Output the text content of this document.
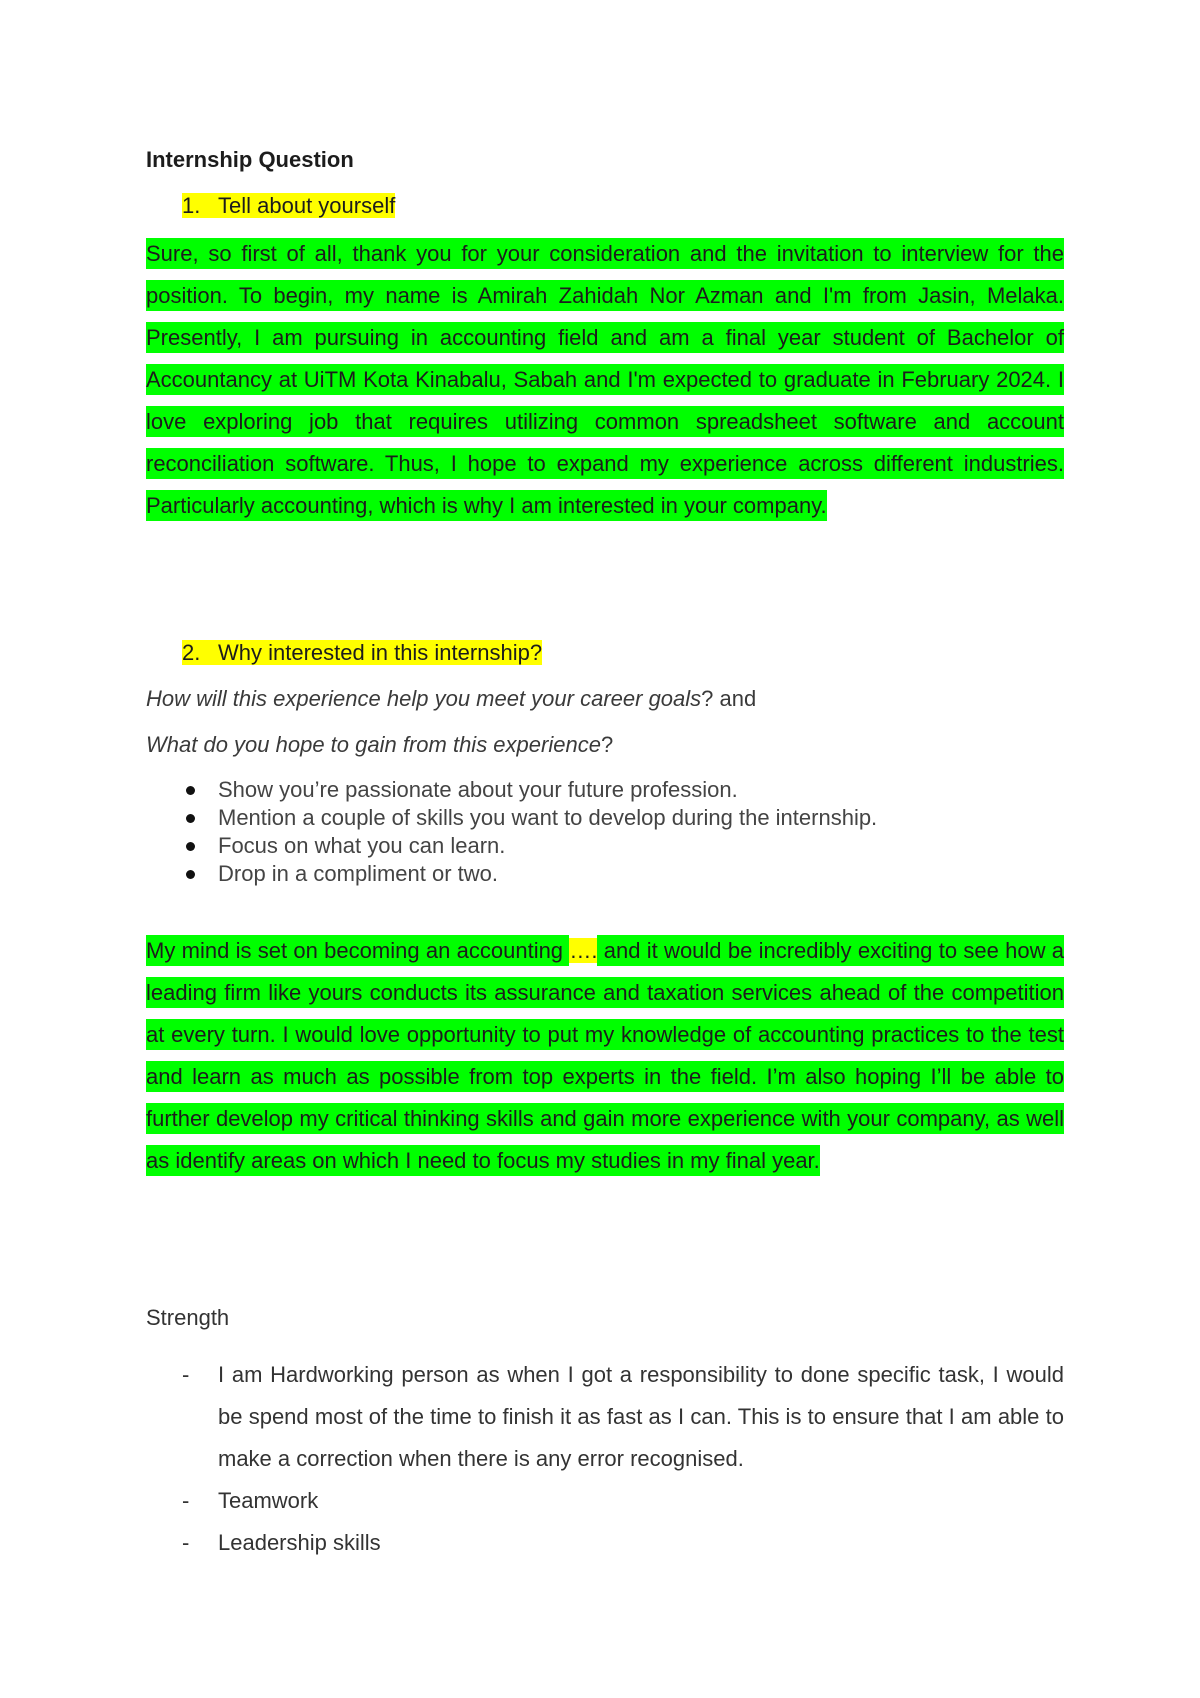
Internship Question
1. Tell about yourself

Sure, so first of all, thank you for your consideration and the invitation to interview for the position. To begin, my name is Amirah Zahidah Nor Azman and I'm from Jasin, Melaka. Presently, I am pursuing in accounting field and am a final year student of Bachelor of Accountancy at UiTM Kota Kinabalu, Sabah and I'm expected to graduate in February 2024. I love exploring job that requires utilizing common spreadsheet software and account reconciliation software. Thus, I hope to expand my experience across different industries. Particularly accounting, which is why I am interested in your company.

2. Why interested in this internship?
How will this experience help you meet your career goals? and
What do you hope to gain from this experience?
Show you’re passionate about your future profession.
Mention a couple of skills you want to develop during the internship.
Focus on what you can learn.
Drop in a compliment or two.

My mind is set on becoming an accounting …. and it would be incredibly exciting to see how a leading firm like yours conducts its assurance and taxation services ahead of the competition at every turn. I would love opportunity to put my knowledge of accounting practices to the test and learn as much as possible from top experts in the field. I’m also hoping I’ll be able to further develop my critical thinking skills and gain more experience with your company, as well as identify areas on which I need to focus my studies in my final year.

Strength
- I am Hardworking person as when I got a responsibility to done specific task, I would be spend most of the time to finish it as fast as I can. This is to ensure that I am able to make a correction when there is any error recognised.
- Teamwork
- Leadership skills
